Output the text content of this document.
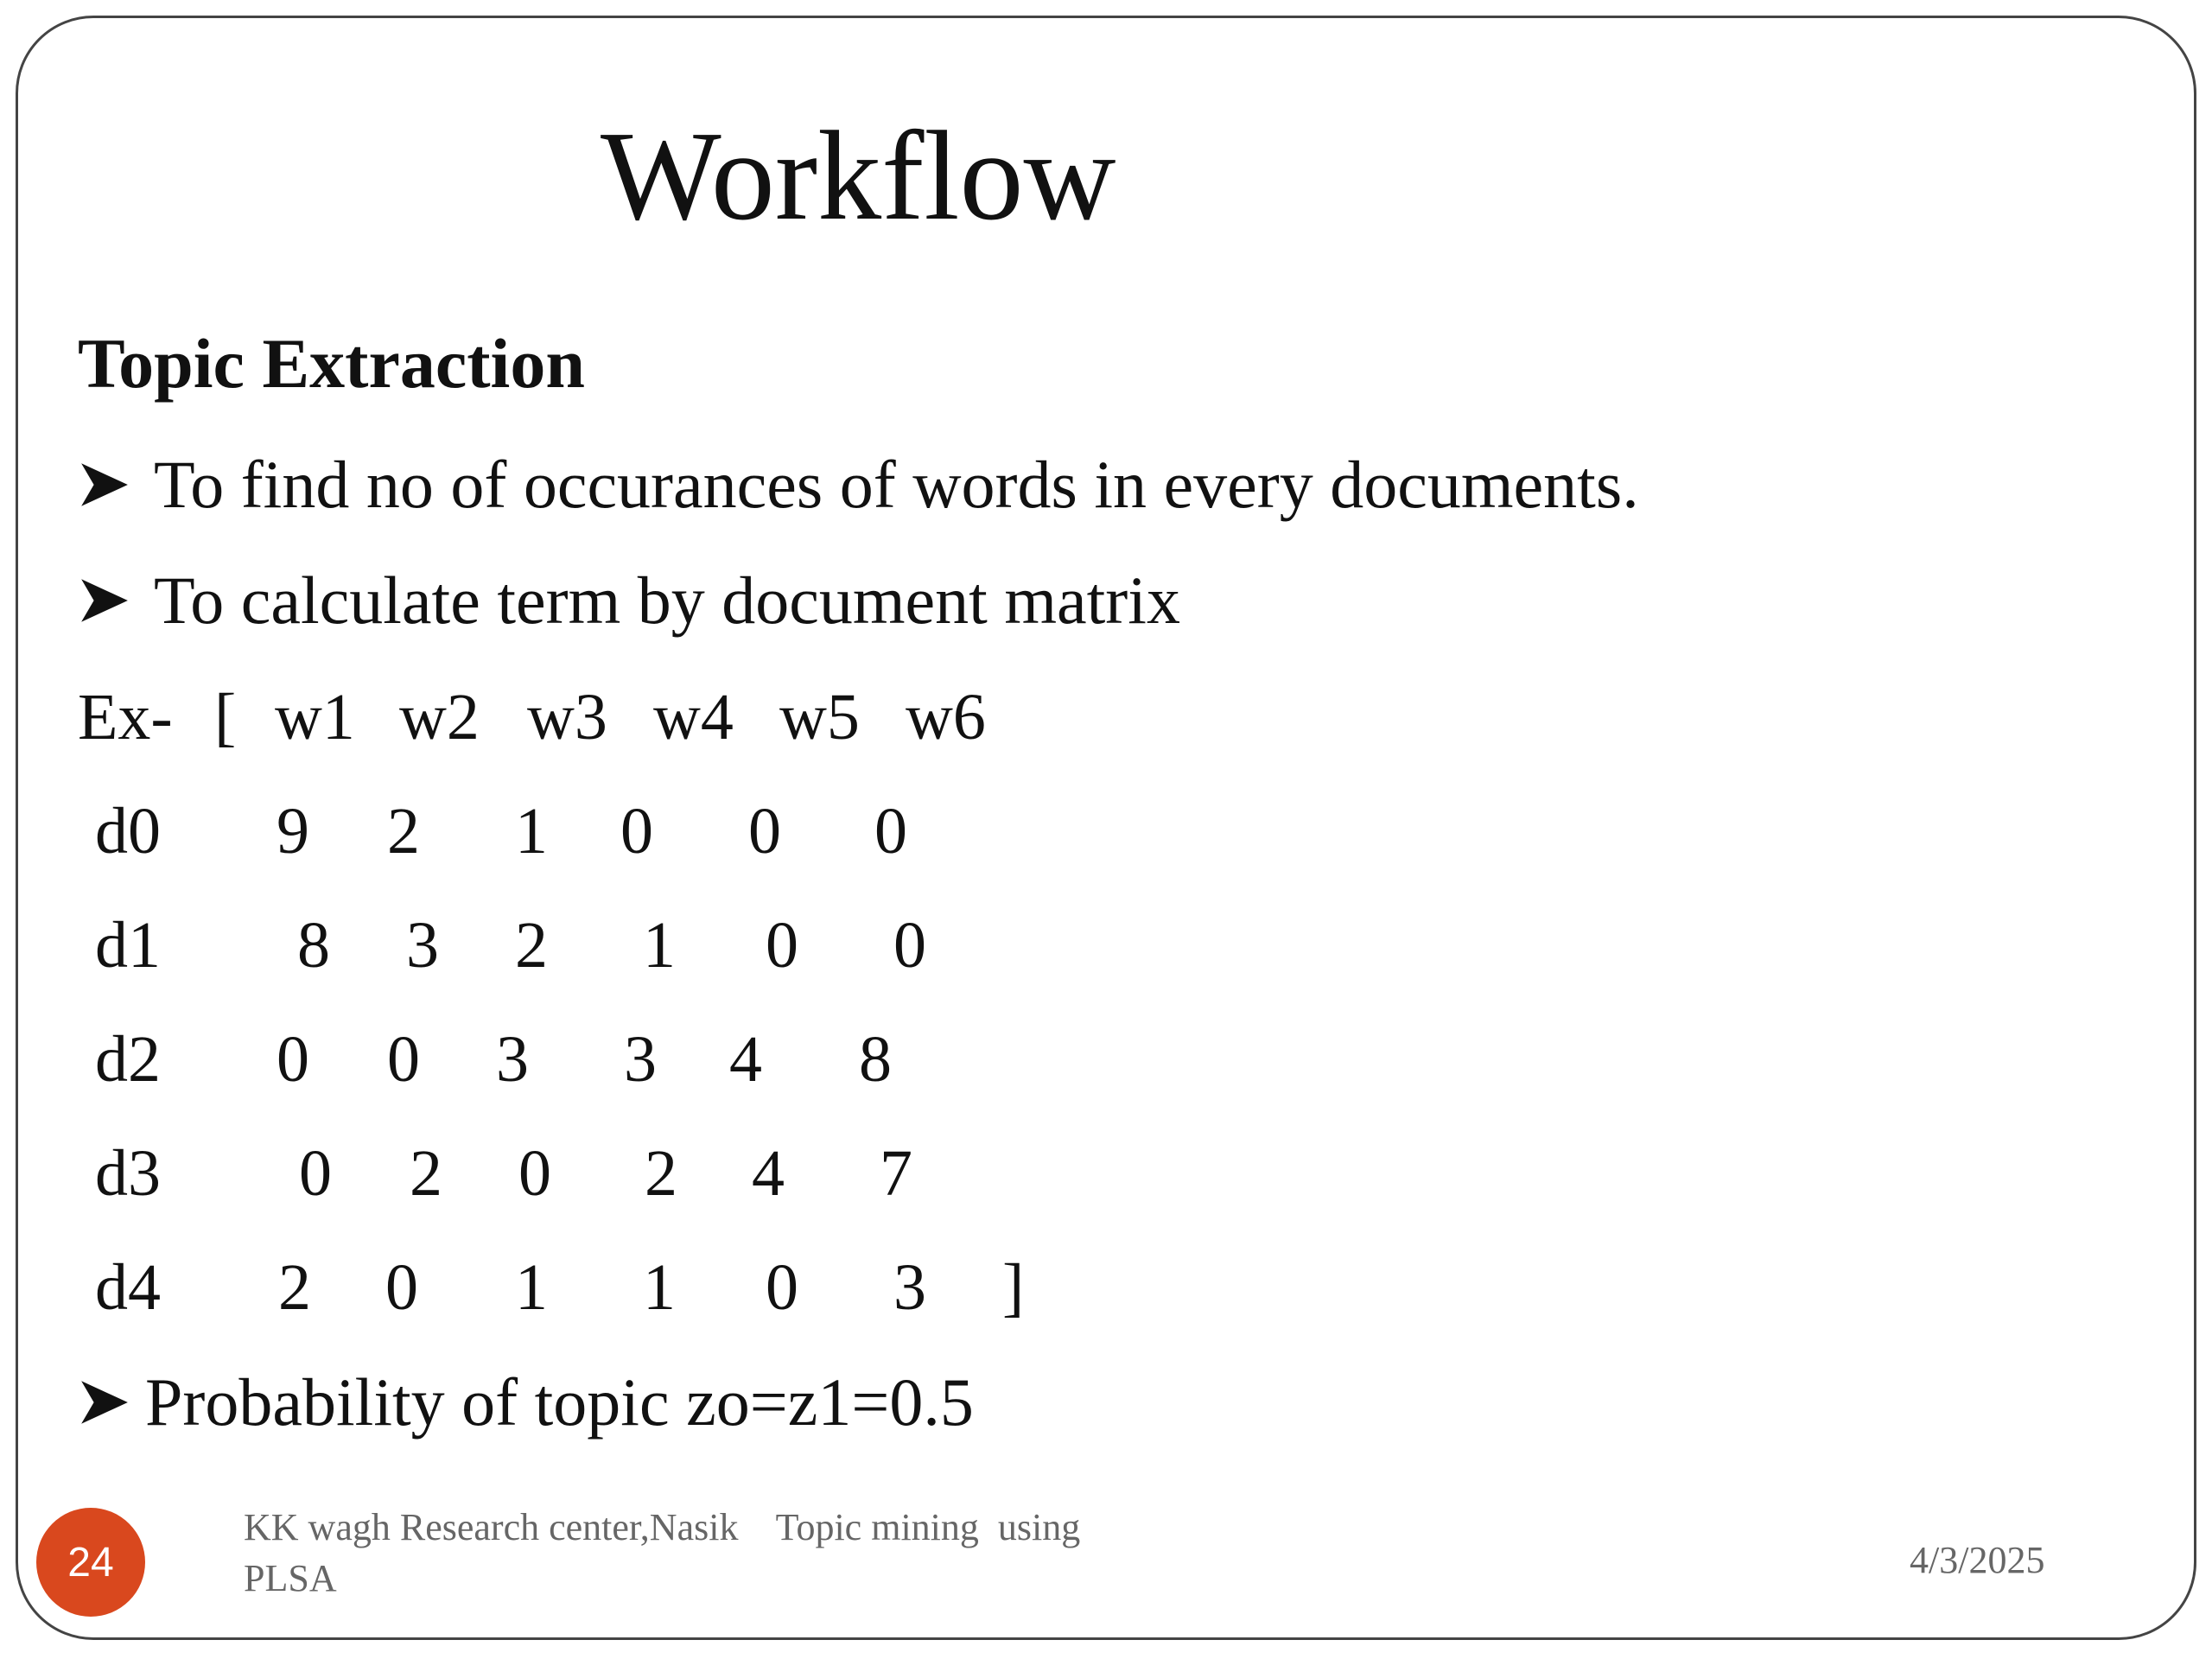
Workflow
Topic Extraction
To find no of occurances of words in every documents.
To calculate term by document matrix
Ex- [ w1 w2 w3 w4 w5 w6
d0 9 2 1 0 0 0
d1 8 3 2 1 0 0
d2 0 0 3 3 4 8
d3 0 2 0 2 4 7
d4 2 0 1 1 0 3 ]
Probability of topic zo=z1=0.5
24
KK wagh Research center,Nasik    Topic mining  using
PLSA	4/3/2025
